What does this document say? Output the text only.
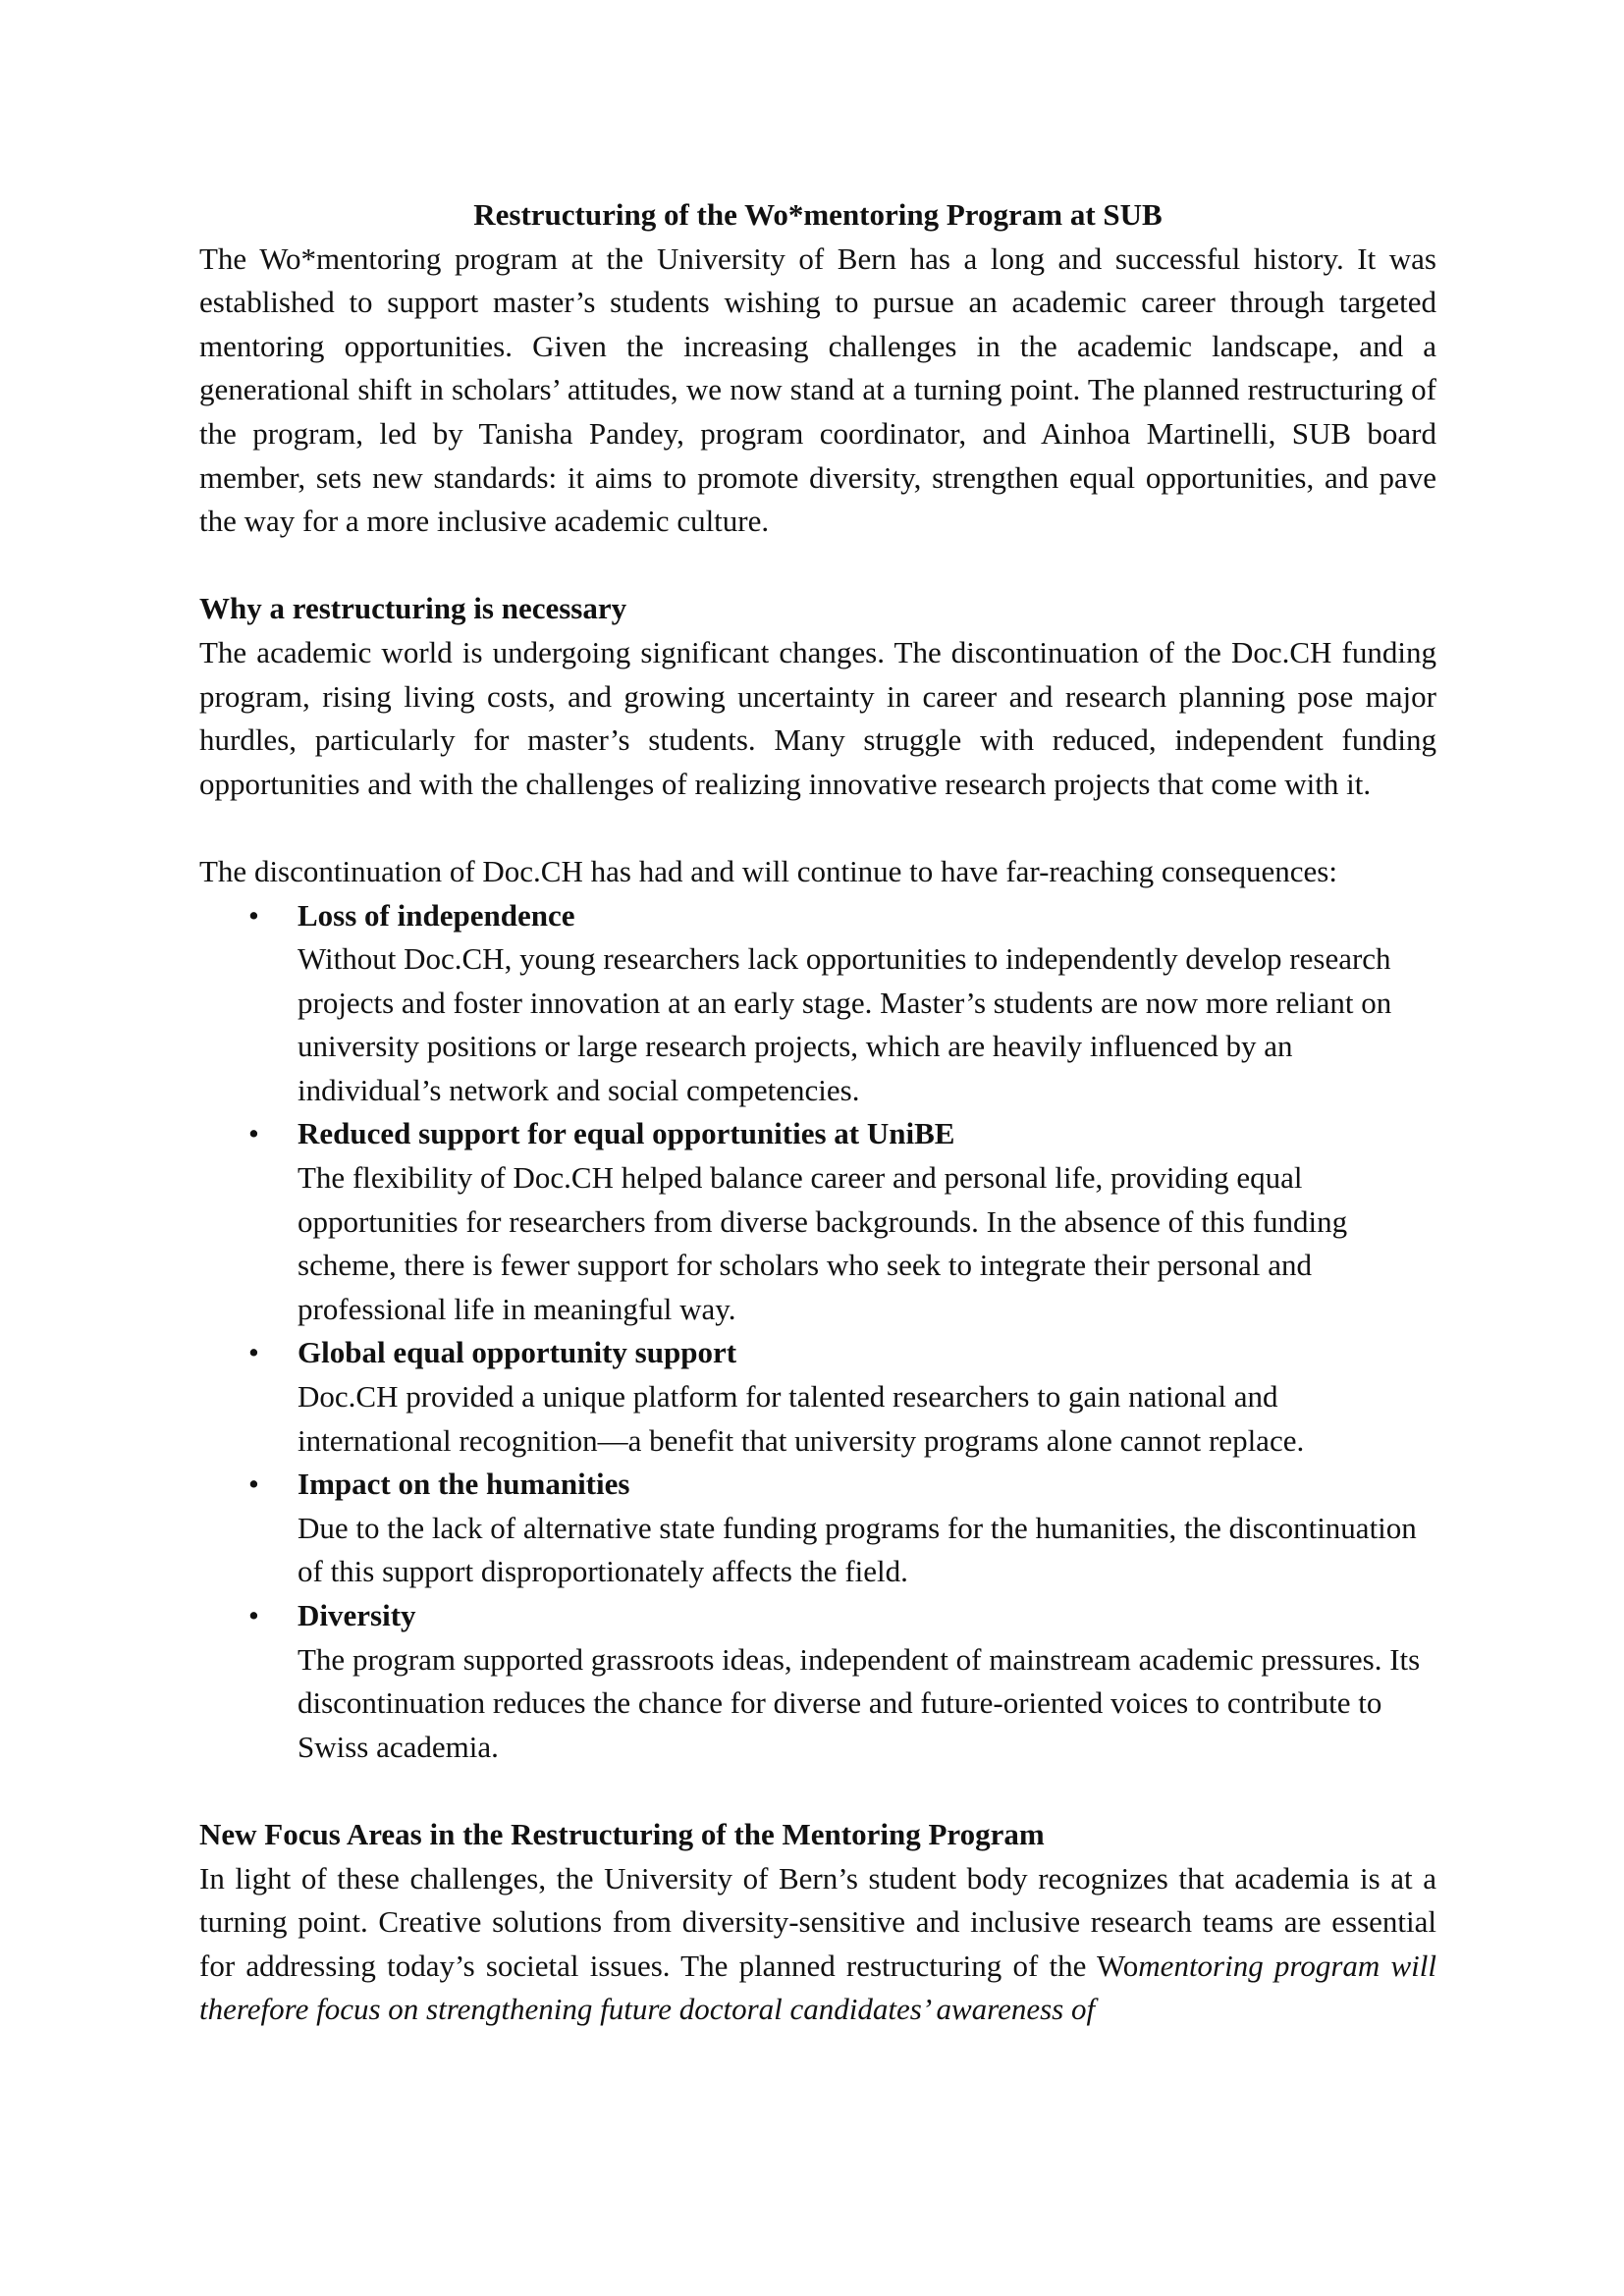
Restructuring of the Wo*mentoring Program at SUB

The Wo*mentoring program at the University of Bern has a long and successful history. It was established to support master’s students wishing to pursue an academic career through targeted mentoring opportunities. Given the increasing challenges in the academic landscape, and a generational shift in scholars’ attitudes, we now stand at a turning point. The planned restructuring of the program, led by Tanisha Pandey, program coordinator, and Ainhoa Martinelli, SUB board member, sets new standards: it aims to promote diversity, strengthen equal opportunities, and pave the way for a more inclusive academic culture.

Why a restructuring is necessary

The academic world is undergoing significant changes. The discontinuation of the Doc.CH funding program, rising living costs, and growing uncertainty in career and research planning pose major hurdles, particularly for master’s students. Many struggle with reduced, independent funding opportunities and with the challenges of realizing innovative research projects that come with it.

The discontinuation of Doc.CH has had and will continue to have far-reaching consequences:

• Loss of independence
Without Doc.CH, young researchers lack opportunities to independently develop research projects and foster innovation at an early stage. Master’s students are now more reliant on university positions or large research projects, which are heavily influenced by an individual’s network and social competencies.
• Reduced support for equal opportunities at UniBE
The flexibility of Doc.CH helped balance career and personal life, providing equal opportunities for researchers from diverse backgrounds. In the absence of this funding scheme, there is fewer support for scholars who seek to integrate their personal and professional life in meaningful way.
• Global equal opportunity support
Doc.CH provided a unique platform for talented researchers to gain national and international recognition—a benefit that university programs alone cannot replace.
• Impact on the humanities
Due to the lack of alternative state funding programs for the humanities, the discontinuation of this support disproportionately affects the field.
• Diversity
The program supported grassroots ideas, independent of mainstream academic pressures. Its discontinuation reduces the chance for diverse and future-oriented voices to contribute to Swiss academia.

New Focus Areas in the Restructuring of the Mentoring Program

In light of these challenges, the University of Bern’s student body recognizes that academia is at a turning point. Creative solutions from diversity-sensitive and inclusive research teams are essential for addressing today’s societal issues. The planned restructuring of the Womentoring program will therefore focus on strengthening future doctoral candidates’ awareness of
